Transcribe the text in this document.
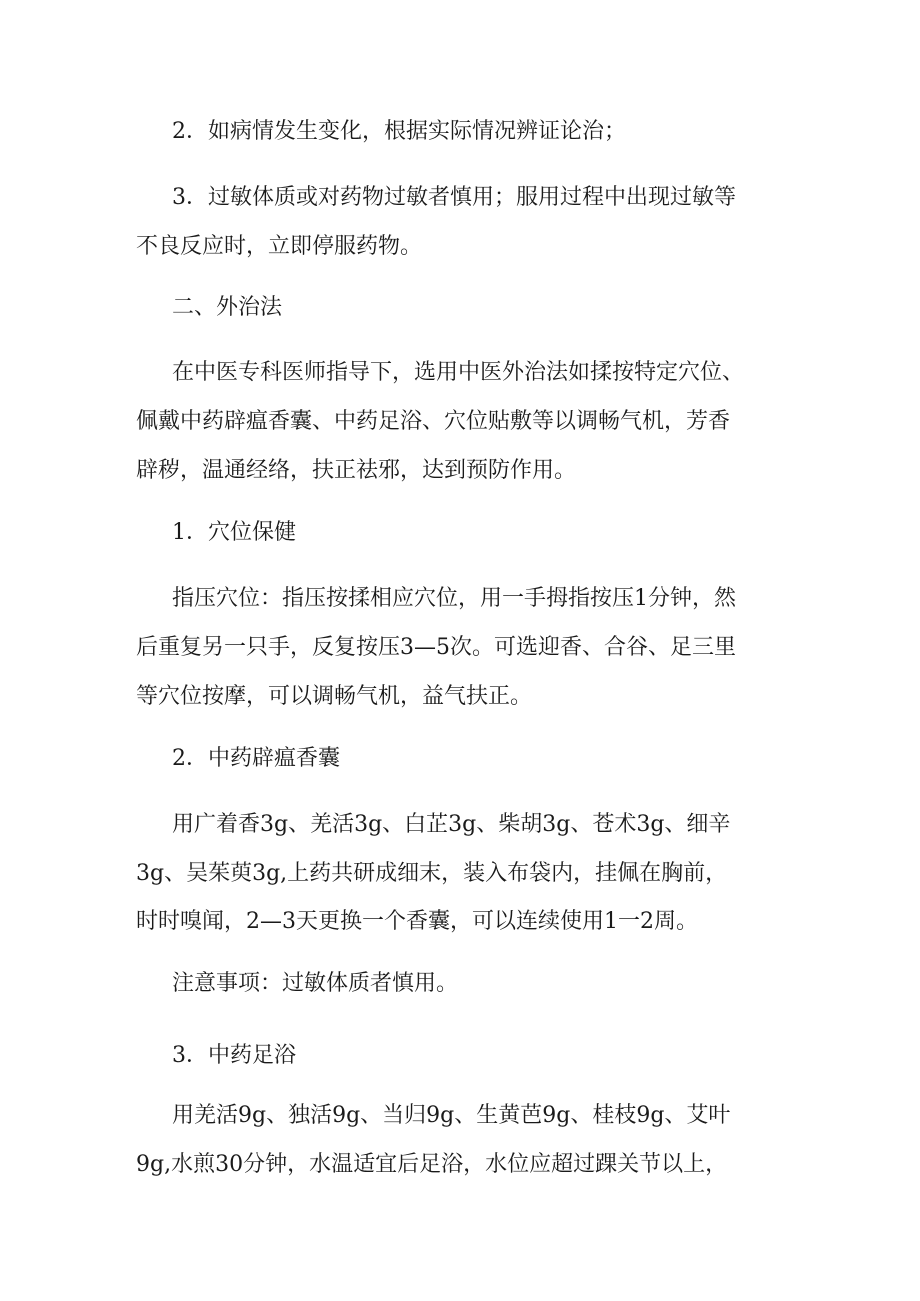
2．如病情发生变化，根据实际情况辨证论治；
3．过敏体质或对药物过敏者慎用；服用过程中出现过敏等
不良反应时，立即停服药物。
二、外治法
在中医专科医师指导下，选用中医外治法如揉按特定穴位、
佩戴中药辟瘟香囊、中药足浴、穴位贴敷等以调畅气机，芳香
辟秽，温通经络，扶正祛邪，达到预防作用。
1．穴位保健
指压穴位：指压按揉相应穴位，用一手拇指按压1分钟，然
后重复另一只手，反复按压3—5次。可选迎香、合谷、足三里
等穴位按摩，可以调畅气机，益气扶正。
2．中药辟瘟香囊
用广着香3g、羌活3g、白芷3g、柴胡3g、苍术3g、细辛
3g、吴茱萸3g,上药共研成细末，装入布袋内，挂佩在胸前，
时时嗅闻，2—3天更换一个香囊，可以连续使用1一2周。
注意事项：过敏体质者慎用。
3．中药足浴
用羌活9g、独活9g、当归9g、生黄芭9g、桂枝9g、艾叶
9g,水煎30分钟，水温适宜后足浴，水位应超过踝关节以上，
